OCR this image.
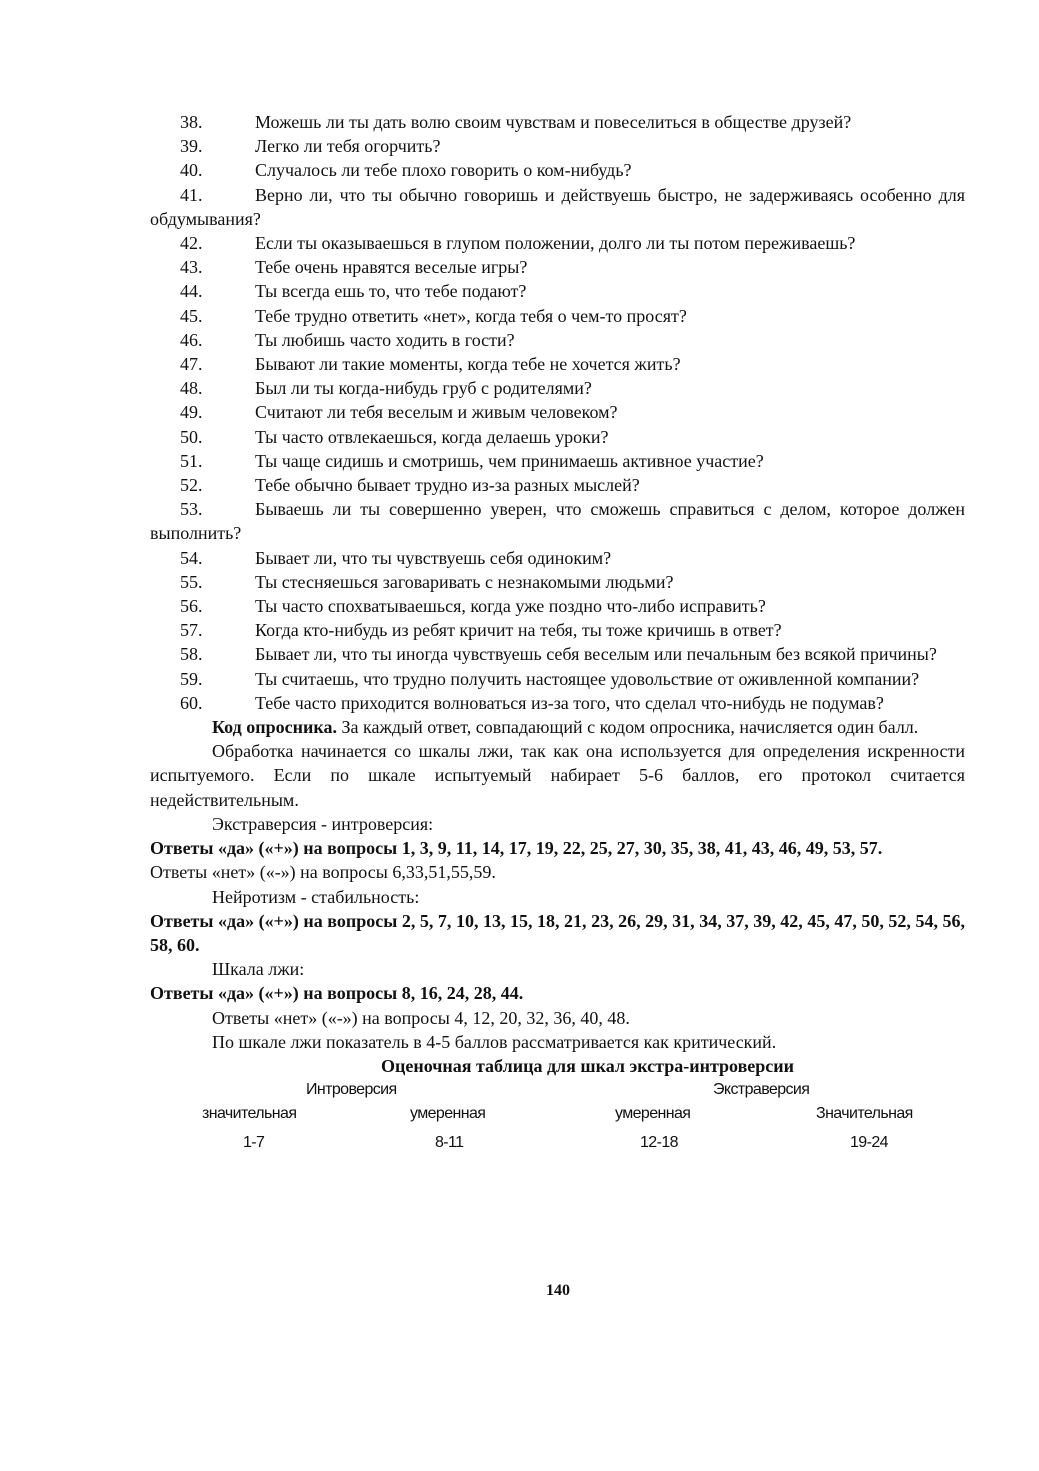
38.	Можешь ли ты дать волю своим чувствам и повеселиться в обществе друзей?
39.	Легко ли тебя огорчить?
40.	Случалось ли тебе плохо говорить о ком-нибудь?
41.	Верно ли, что ты обычно говоришь и действуешь быстро, не задерживаясь особенно для обдумывания?
42.	Если ты оказываешься в глупом положении, долго ли ты потом переживаешь?
43.	Тебе очень нравятся веселые игры?
44.	Ты всегда ешь то, что тебе подают?
45.	Тебе трудно ответить «нет», когда тебя о чем-то просят?
46.	Ты любишь часто ходить в гости?
47.	Бывают ли такие моменты, когда тебе не хочется жить?
48.	Был ли ты когда-нибудь груб с родителями?
49.	Считают ли тебя веселым и живым человеком?
50.	Ты часто отвлекаешься, когда делаешь уроки?
51.	Ты чаще сидишь и смотришь, чем принимаешь активное участие?
52.	Тебе обычно бывает трудно из-за разных мыслей?
53.	Бываешь ли ты совершенно уверен, что сможешь справиться с делом, которое должен выполнить?
54.	Бывает ли, что ты чувствуешь себя одиноким?
55.	Ты стесняешься заговаривать с незнакомыми людьми?
56.	Ты часто спохватываешься, когда уже поздно что-либо исправить?
57.	Когда кто-нибудь из ребят кричит на тебя, ты тоже кричишь в ответ?
58.	Бывает ли, что ты иногда чувствуешь себя веселым или печальным без всякой причины?
59.	Ты считаешь, что трудно получить настоящее удовольствие от оживленной компании?
60.	Тебе часто приходится волноваться из-за того, что сделал что-нибудь не подумав?
Код опросника. За каждый ответ, совпадающий с кодом опросника, начисляется один балл.
Обработка начинается со шкалы лжи, так как она используется для определения искренности испытуемого. Если по шкале испытуемый набирает 5-6 баллов, его протокол считается недействительным.
Экстраверсия - интроверсия:
Ответы «да» («+») на вопросы 1, 3, 9, 11, 14, 17, 19, 22, 25, 27, 30, 35, 38, 41, 43, 46, 49, 53, 57.
Ответы «нет» («-») на вопросы 6,33,51,55,59.
Нейротизм - стабильность:
Ответы «да» («+») на вопросы 2, 5, 7, 10, 13, 15, 18, 21, 23, 26, 29, 31, 34, 37, 39, 42, 45, 47, 50, 52, 54, 56, 58, 60.
Шкала лжи:
Ответы «да» («+») на вопросы 8, 16, 24, 28, 44.
Ответы «нет» («-») на вопросы 4, 12, 20, 32, 36, 40, 48.
По шкале лжи показатель в 4-5 баллов рассматривается как критический.
Оценочная таблица для шкал экстра-интроверсии
Интроверсия	Экстраверсия
значительная	умеренная	умеренная	Значительная
1-7	8-11	12-18	19-24
140
